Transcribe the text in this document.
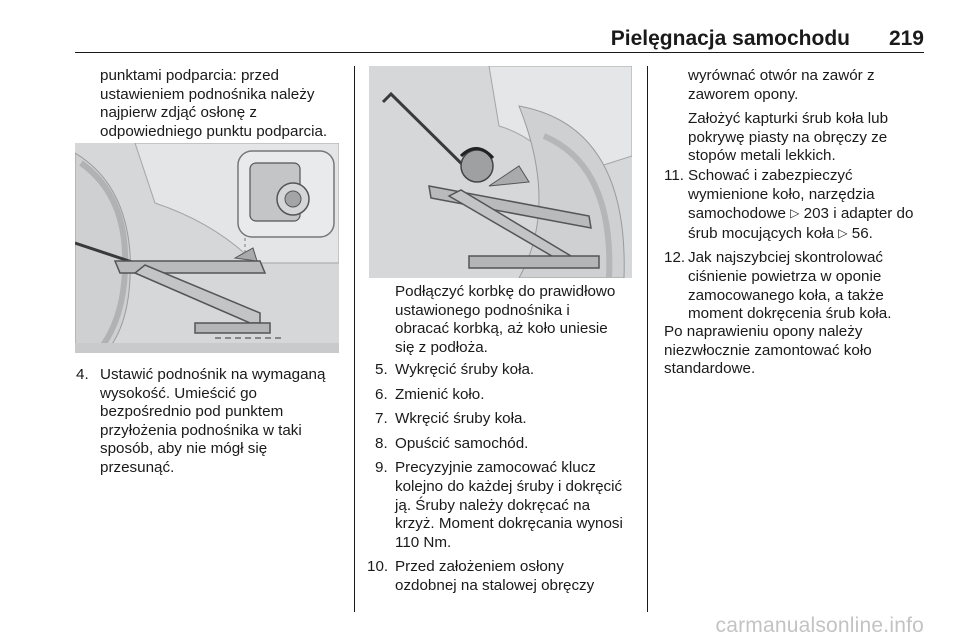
Pielęgnacja samochodu 219
punktami podparcia: przed
ustawieniem podnośnika należy
najpierw zdjąć osłonę z
odpowiedniego punktu podparcia.
4. Ustawić podnośnik na wymaganą
wysokość. Umieścić go
bezpośrednio pod punktem
przyłożenia podnośnika w taki
sposób, aby nie mógł się
przesunąć.
Podłączyć korbkę do prawidłowo
ustawionego podnośnika i
obracać korbką, aż koło uniesie
się z podłoża.
5. Wykręcić śruby koła.
6. Zmienić koło.
7. Wkręcić śruby koła.
8. Opuścić samochód.
9. Precyzyjnie zamocować klucz
kolejno do każdej śruby i dokręcić
ją. Śruby należy dokręcać na
krzyż. Moment dokręcania wynosi
110 Nm.
10. Przed założeniem osłony
ozdobnej na stalowej obręczy
wyrównać otwór na zawór z
zaworem opony.
Założyć kapturki śrub koła lub
pokrywę piasty na obręczy ze
stopów metali lekkich.
11. Schować i zabezpieczyć
wymienione koło, narzędzia
samochodowe ▷ 203 i adapter do
śrub mocujących koła ▷ 56.
12. Jak najszybciej skontrolować
ciśnienie powietrza w oponie
zamocowanego koła, a także
moment dokręcenia śrub koła.
Po naprawieniu opony należy
niezwłocznie zamontować koło
standardowe.
carmanualsonline.info
